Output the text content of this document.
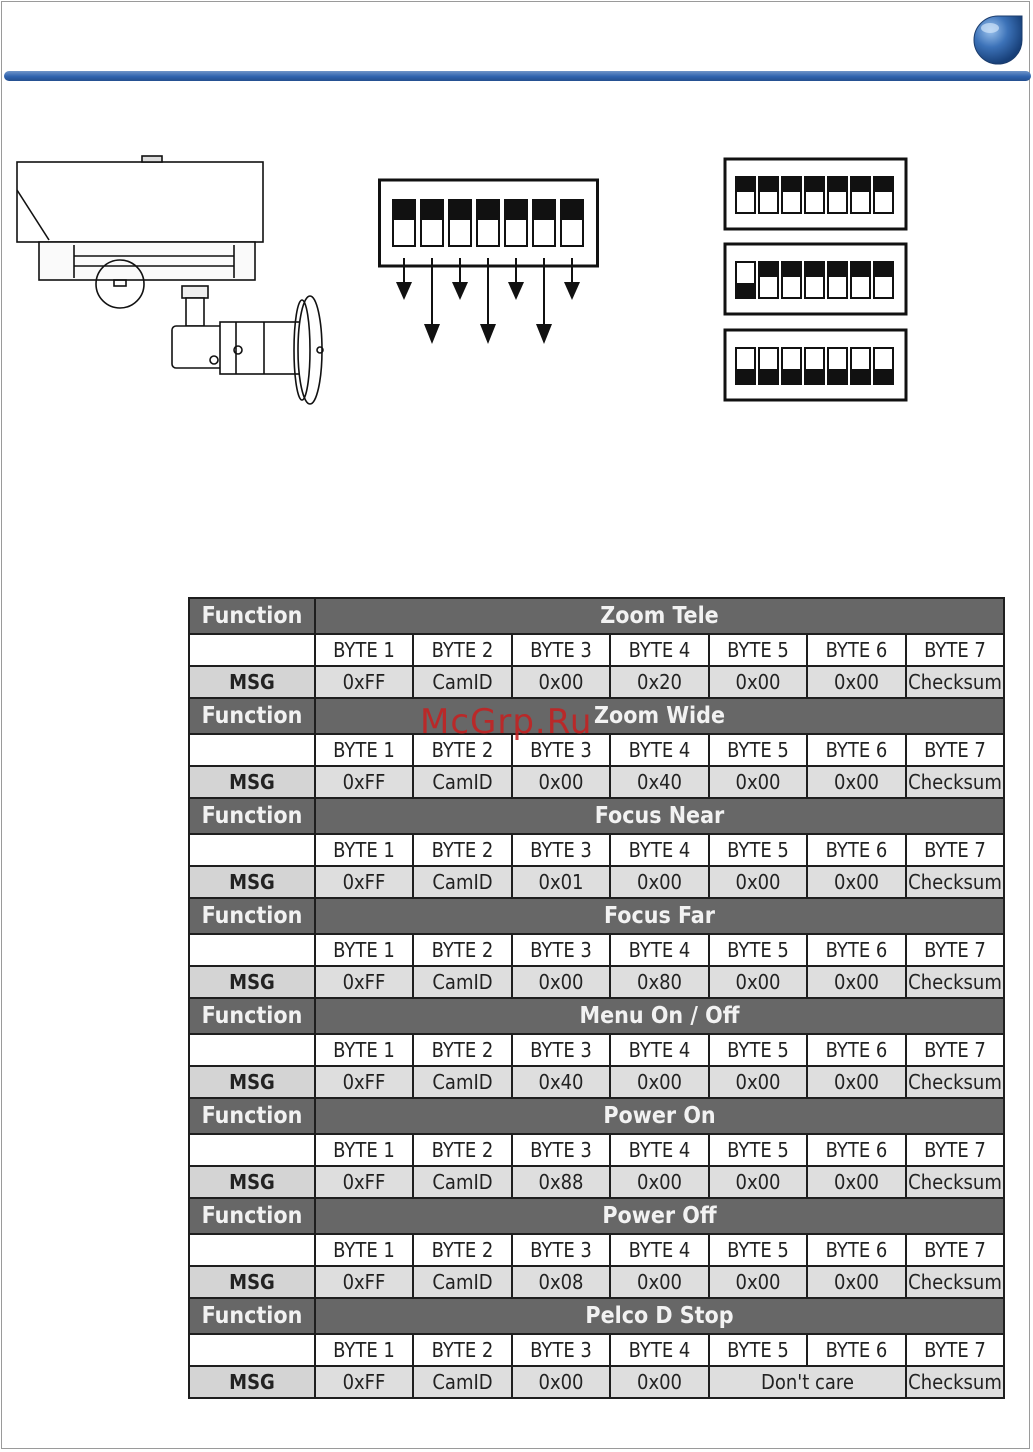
Function	Zoom Tele						
	BYTE 1	BYTE 2	BYTE 3	BYTE 4	BYTE 5	BYTE 6	BYTE 7
MSG	0xFF	CamID	0x00	0x20	0x00	0x00	Checksum
Function	Zoom Wide						
	BYTE 1	BYTE 2	BYTE 3	BYTE 4	BYTE 5	BYTE 6	BYTE 7
MSG	0xFF	CamID	0x00	0x40	0x00	0x00	Checksum
Function	Focus Near						
	BYTE 1	BYTE 2	BYTE 3	BYTE 4	BYTE 5	BYTE 6	BYTE 7
MSG	0xFF	CamID	0x01	0x00	0x00	0x00	Checksum
Function	Focus Far						
	BYTE 1	BYTE 2	BYTE 3	BYTE 4	BYTE 5	BYTE 6	BYTE 7
MSG	0xFF	CamID	0x00	0x80	0x00	0x00	Checksum
Function	Menu On / Off						
	BYTE 1	BYTE 2	BYTE 3	BYTE 4	BYTE 5	BYTE 6	BYTE 7
MSG	0xFF	CamID	0x40	0x00	0x00	0x00	Checksum
Function	Power On						
	BYTE 1	BYTE 2	BYTE 3	BYTE 4	BYTE 5	BYTE 6	BYTE 7
MSG	0xFF	CamID	0x88	0x00	0x00	0x00	Checksum
Function	Power Off						
	BYTE 1	BYTE 2	BYTE 3	BYTE 4	BYTE 5	BYTE 6	BYTE 7
MSG	0xFF	CamID	0x08	0x00	0x00	0x00	Checksum
Function	Pelco D Stop						
	BYTE 1	BYTE 2	BYTE 3	BYTE 4	BYTE 5	BYTE 6	BYTE 7
MSG	0xFF	CamID	0x00	0x00	Don't care		Checksum
McGrp.Ru
